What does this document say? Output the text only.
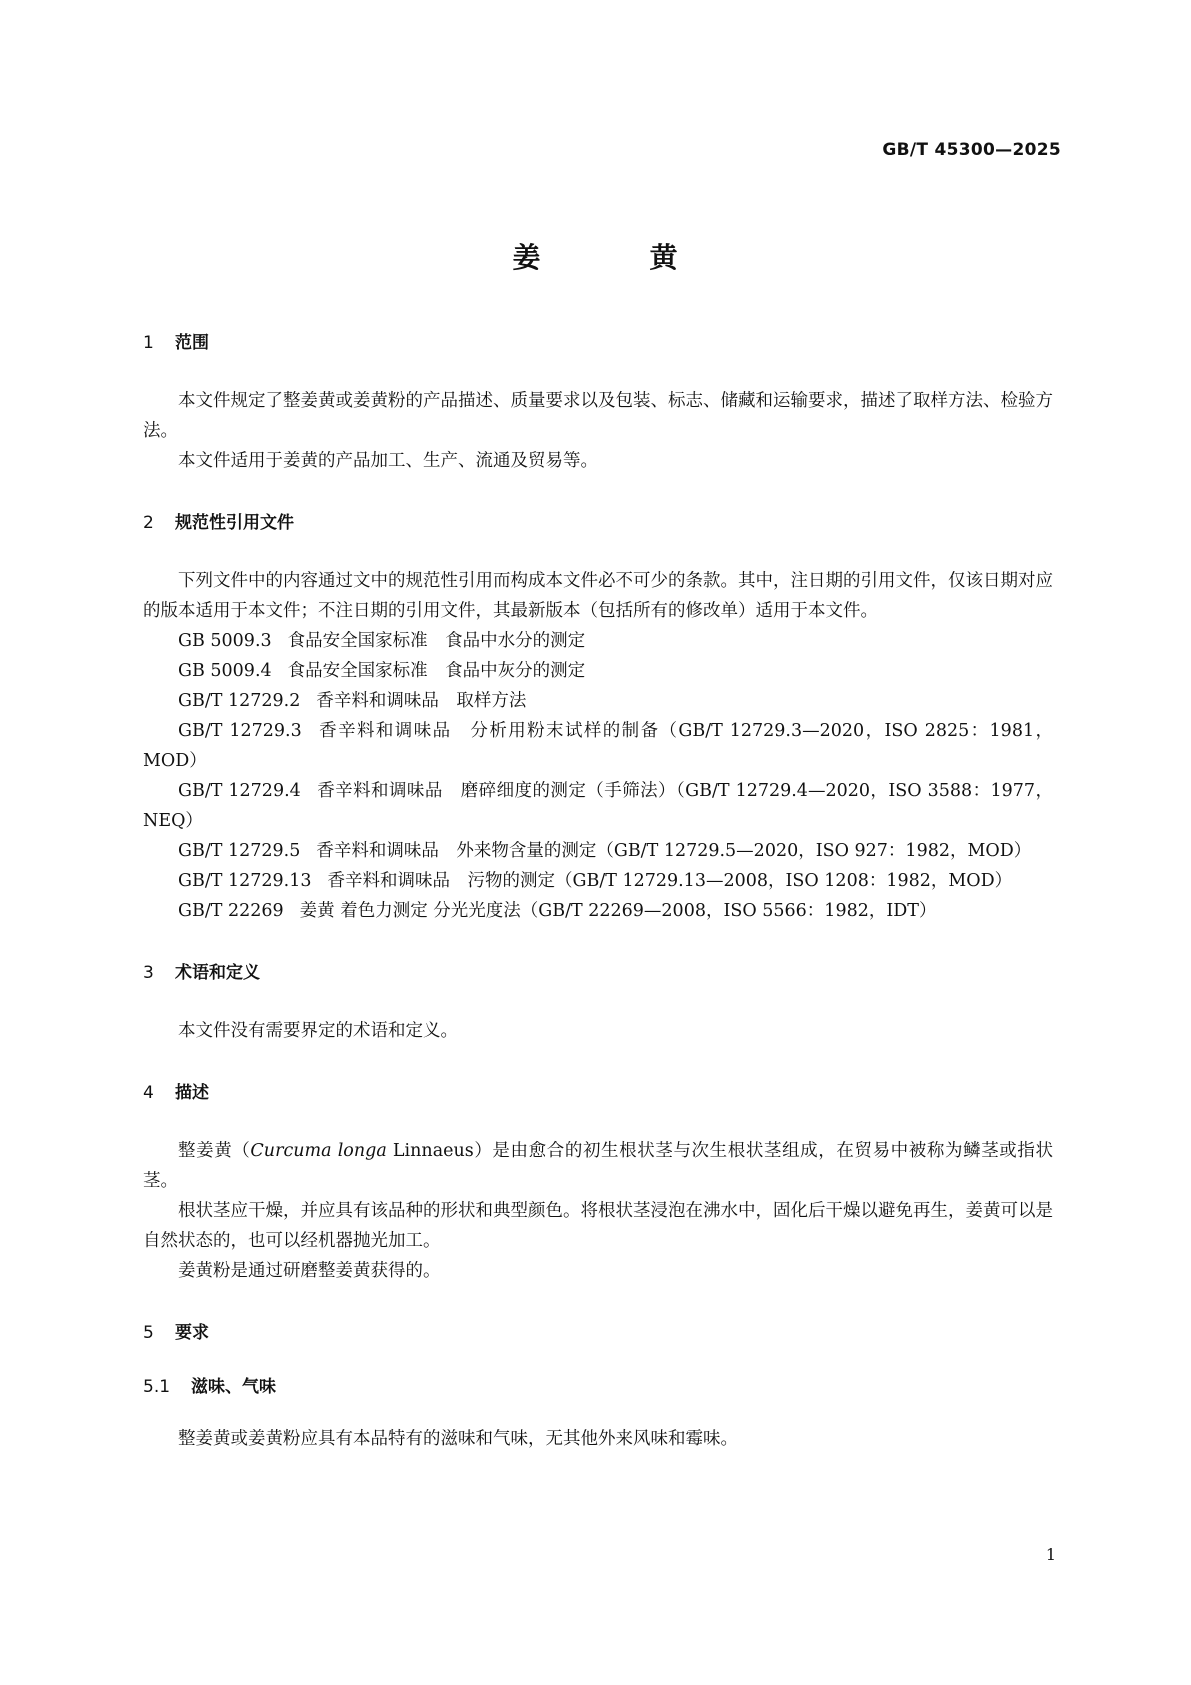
GB/T 45300—2025
姜	黄
1 范围

本文件规定了整姜黄或姜黄粉的产品描述、质量要求以及包装、标志、储藏和运输要求，描述了取样方法、检验方法。

本文件适用于姜黄的产品加工、生产、流通及贸易等。

2 规范性引用文件

下列文件中的内容通过文中的规范性引用而构成本文件必不可少的条款。其中，注日期的引用文件，仅该日期对应的版本适用于本文件；不注日期的引用文件，其最新版本（包括所有的修改单）适用于本文件。

GB 5009.3 食品安全国家标准　食品中水分的测定

GB 5009.4 食品安全国家标准　食品中灰分的测定

GB/T 12729.2 香辛料和调味品　取样方法

GB/T 12729.3 香辛料和调味品　分析用粉末试样的制备（GB/T 12729.3—2020，ISO 2825：1981，MOD）

GB/T 12729.4 香辛料和调味品　磨碎细度的测定（手筛法）（GB/T 12729.4—2020，ISO 3588：1977，NEQ）

GB/T 12729.5 香辛料和调味品　外来物含量的测定（GB/T 12729.5—2020，ISO 927：1982，MOD）

GB/T 12729.13 香辛料和调味品　污物的测定（GB/T 12729.13—2008，ISO 1208：1982，MOD）

GB/T 22269 姜黄 着色力测定 分光光度法（GB/T 22269—2008，ISO 5566：1982，IDT）

3 术语和定义

本文件没有需要界定的术语和定义。

4 描述

整姜黄（Curcuma longa Linnaeus）是由愈合的初生根状茎与次生根状茎组成，在贸易中被称为鳞茎或指状茎。

根状茎应干燥，并应具有该品种的形状和典型颜色。将根状茎浸泡在沸水中，固化后干燥以避免再生，姜黄可以是自然状态的，也可以经机器抛光加工。

姜黄粉是通过研磨整姜黄获得的。

5 要求
5.1 滋味、气味

整姜黄或姜黄粉应具有本品特有的滋味和气味，无其他外来风味和霉味。

1
